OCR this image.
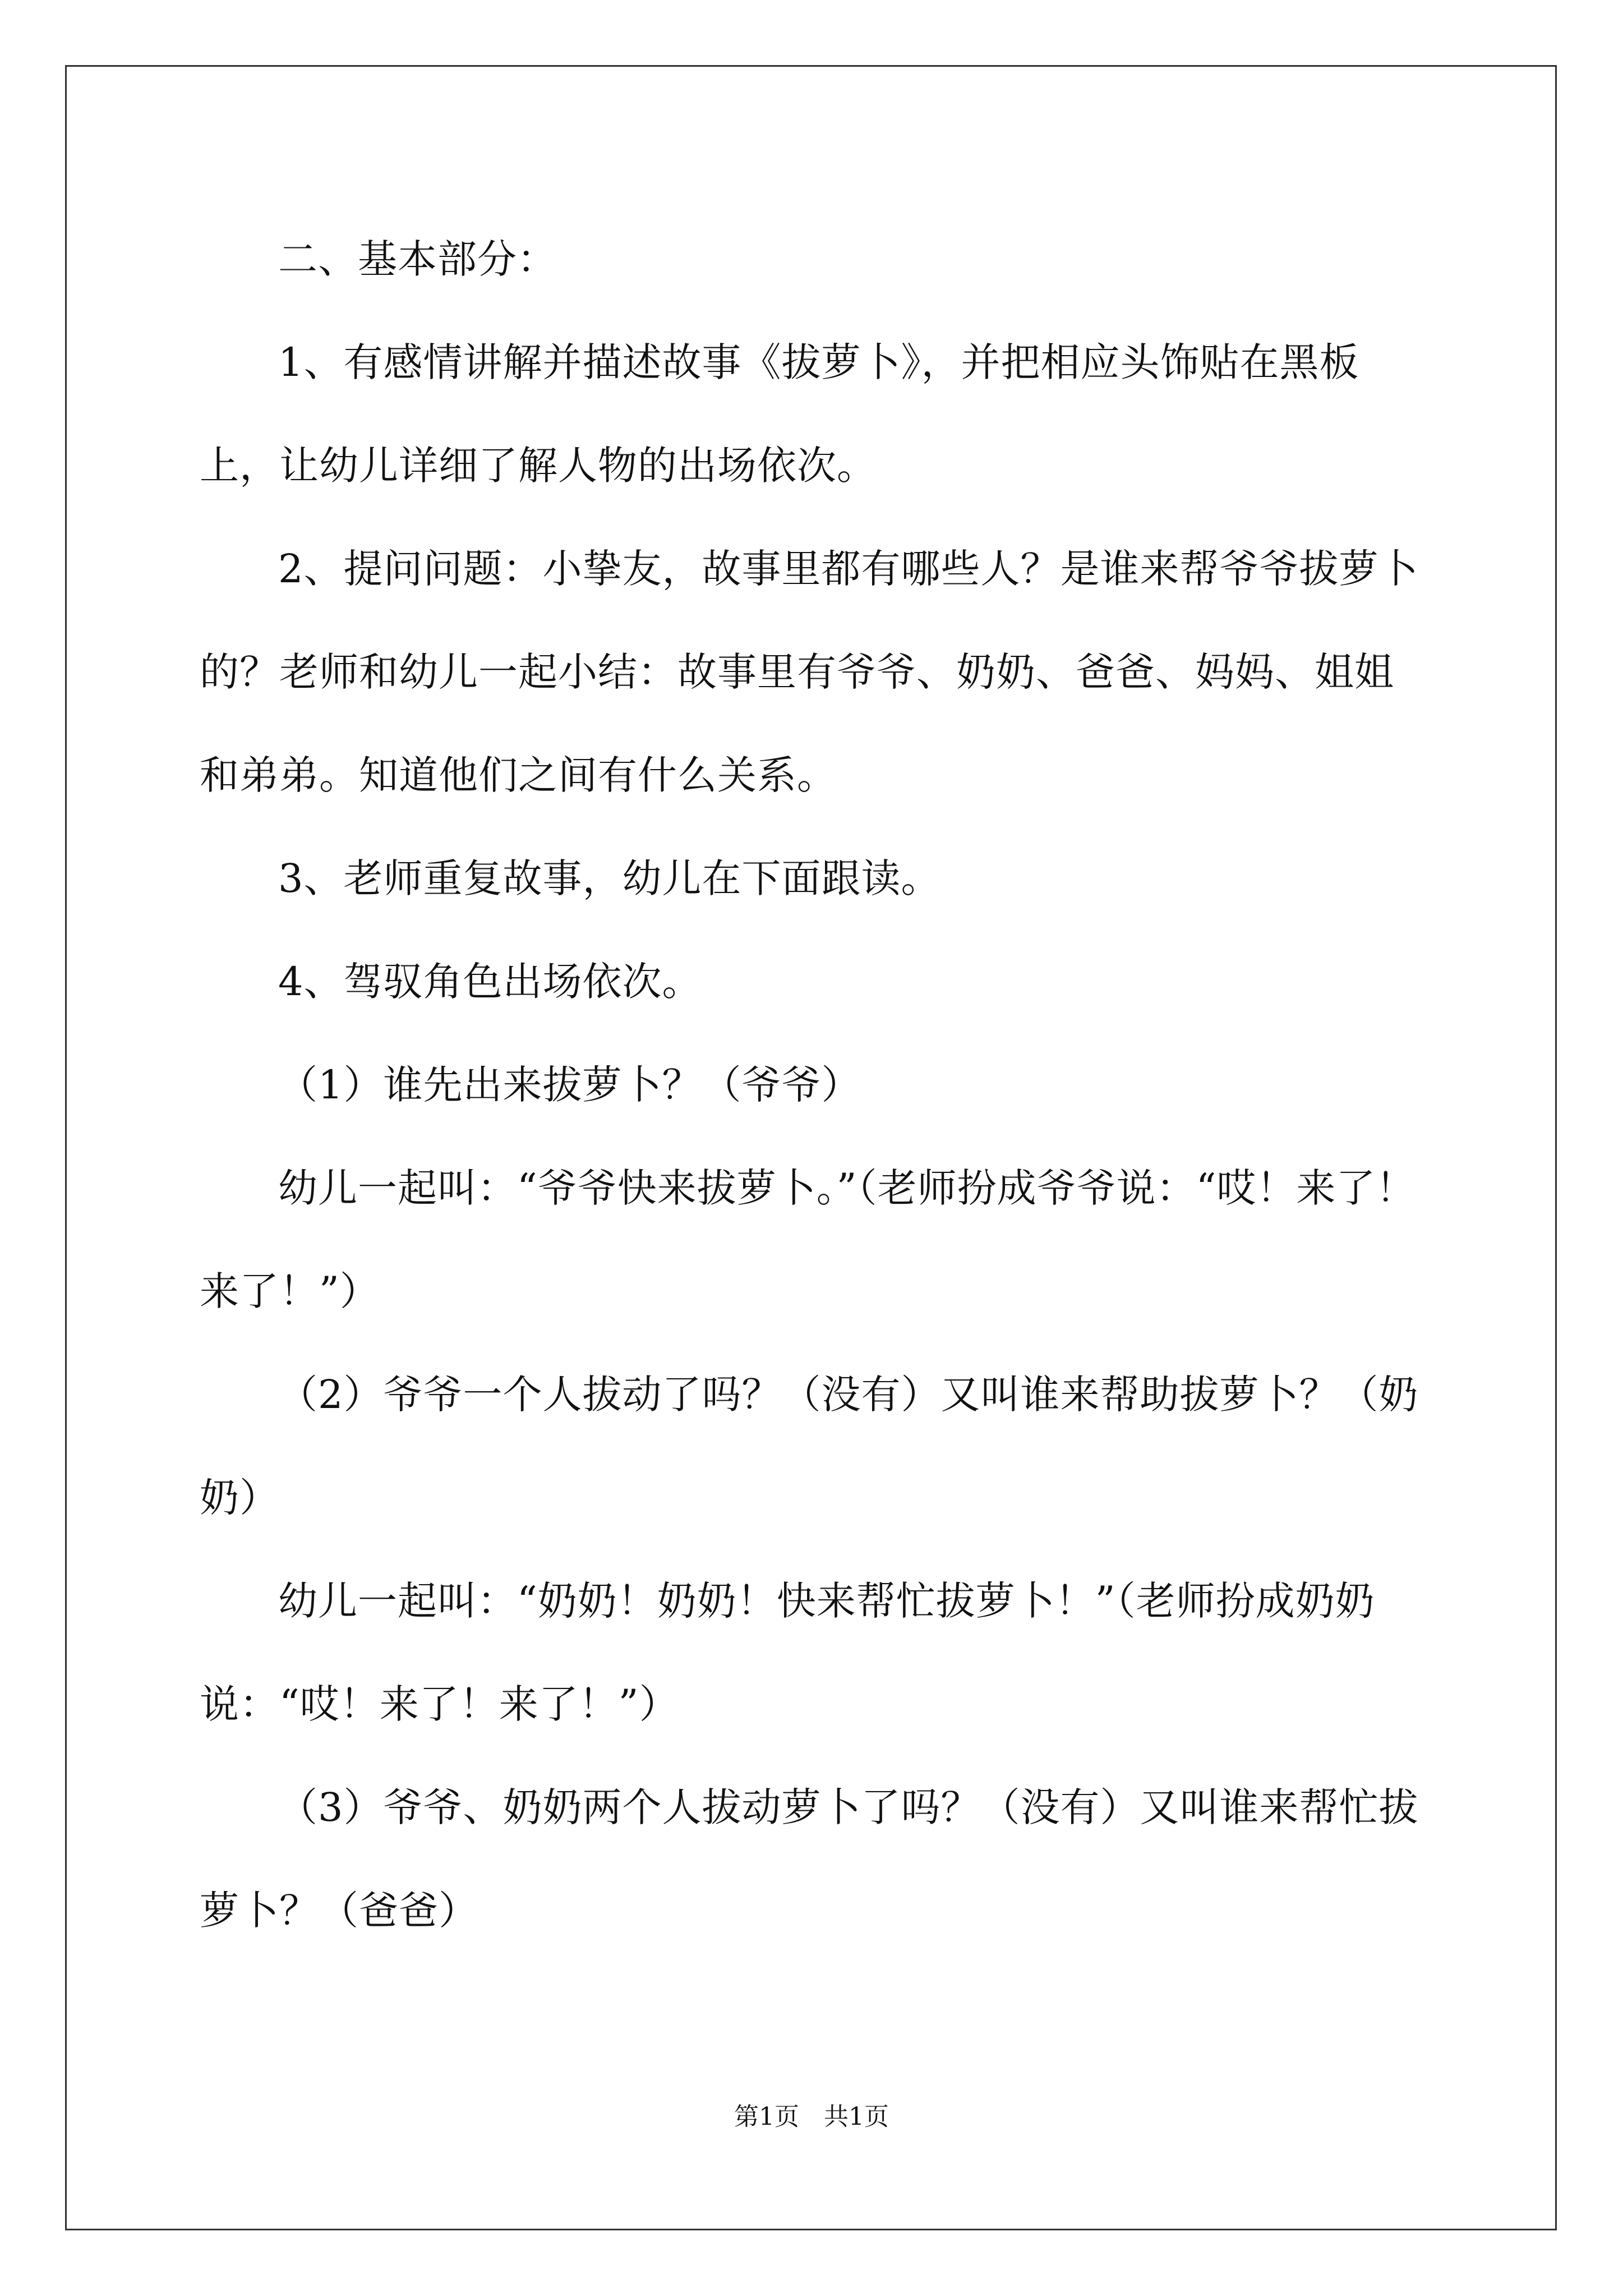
二、基本部分：
1、有感情讲解并描述故事《拔萝卜》，并把相应头饰贴在黑板上，让幼儿详细了解人物的出场依次。
2、提问问题：小挚友，故事里都有哪些人？是谁来帮爷爷拔萝卜的？老师和幼儿一起小结：故事里有爷爷、奶奶、爸爸、妈妈、姐姐和弟弟。知道他们之间有什么关系。
3、老师重复故事，幼儿在下面跟读。
4、驾驭角色出场依次。
（1）谁先出来拔萝卜？（爷爷）
幼儿一起叫：“爷爷快来拔萝卜。”（老师扮成爷爷说：“哎！来了！来了！”）
（2）爷爷一个人拔动了吗？（没有）又叫谁来帮助拔萝卜？（奶奶）
幼儿一起叫：“奶奶！奶奶！快来帮忙拔萝卜！”（老师扮成奶奶说：“哎！来了！来了！”）
（3）爷爷、奶奶两个人拔动萝卜了吗？（没有）又叫谁来帮忙拔萝卜？（爸爸）
第1页　共1页
